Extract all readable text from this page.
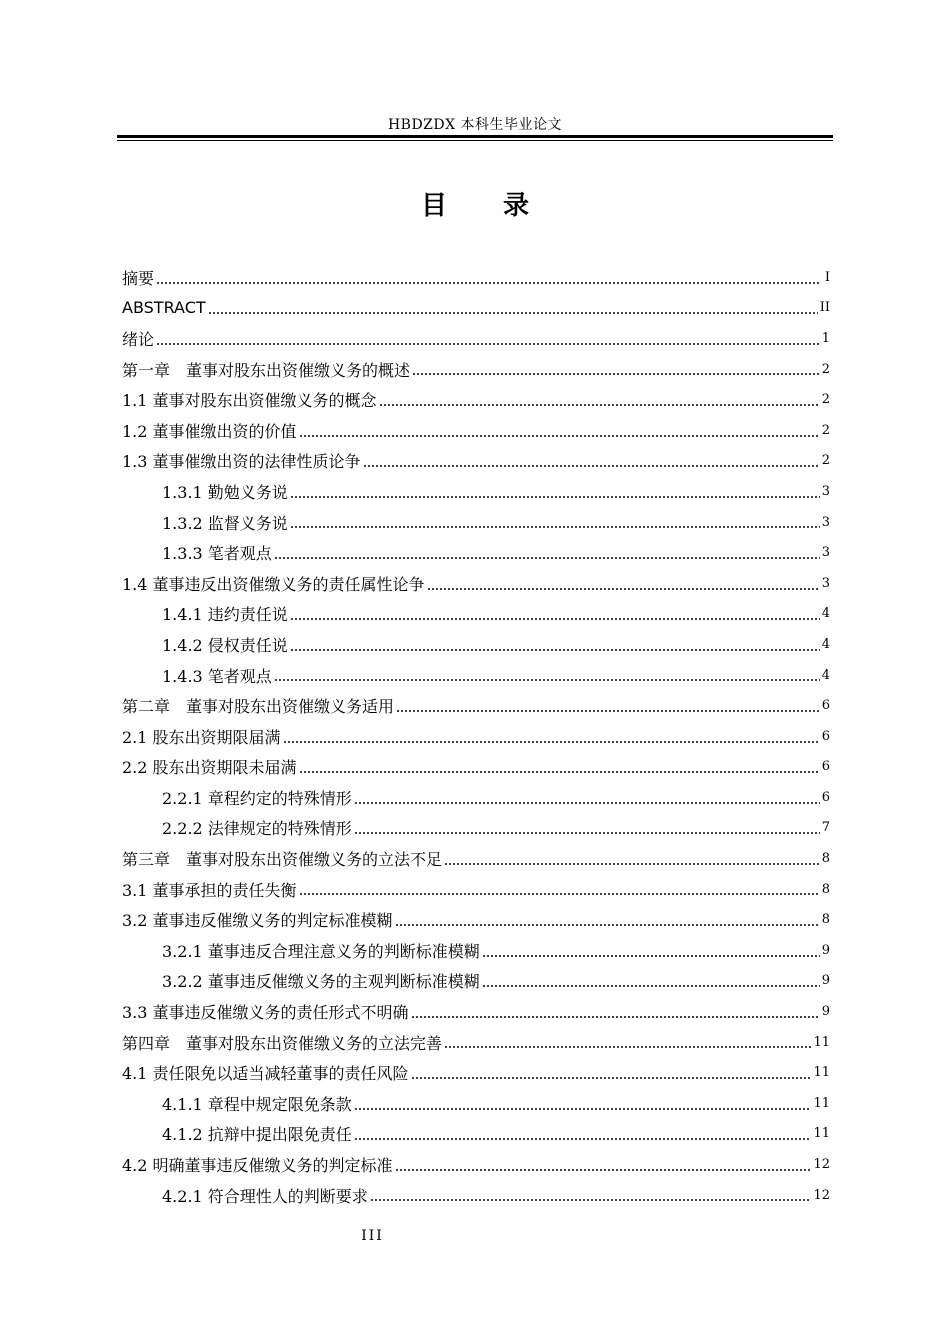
HBDZDX 本科生毕业论文
目 录
摘要	I
ABSTRACT	II
绪论	1
第一章　董事对股东出资催缴义务的概述	2
1.1 董事对股东出资催缴义务的概念	2
1.2 董事催缴出资的价值	2
1.3 董事催缴出资的法律性质论争	2
1.3.1 勤勉义务说	3
1.3.2 监督义务说	3
1.3.3 笔者观点	3
1.4 董事违反出资催缴义务的责任属性论争	3
1.4.1 违约责任说	4
1.4.2 侵权责任说	4
1.4.3 笔者观点	4
第二章　董事对股东出资催缴义务适用	6
2.1 股东出资期限届满	6
2.2 股东出资期限未届满	6
2.2.1 章程约定的特殊情形	6
2.2.2 法律规定的特殊情形	7
第三章　董事对股东出资催缴义务的立法不足	8
3.1 董事承担的责任失衡	8
3.2 董事违反催缴义务的判定标准模糊	8
3.2.1 董事违反合理注意义务的判断标准模糊	9
3.2.2 董事违反催缴义务的主观判断标准模糊	9
3.3 董事违反催缴义务的责任形式不明确	9
第四章　董事对股东出资催缴义务的立法完善	11
4.1 责任限免以适当减轻董事的责任风险	11
4.1.1 章程中规定限免条款	11
4.1.2 抗辩中提出限免责任	11
4.2 明确董事违反催缴义务的判定标准	12
4.2.1 符合理性人的判断要求	12
III
